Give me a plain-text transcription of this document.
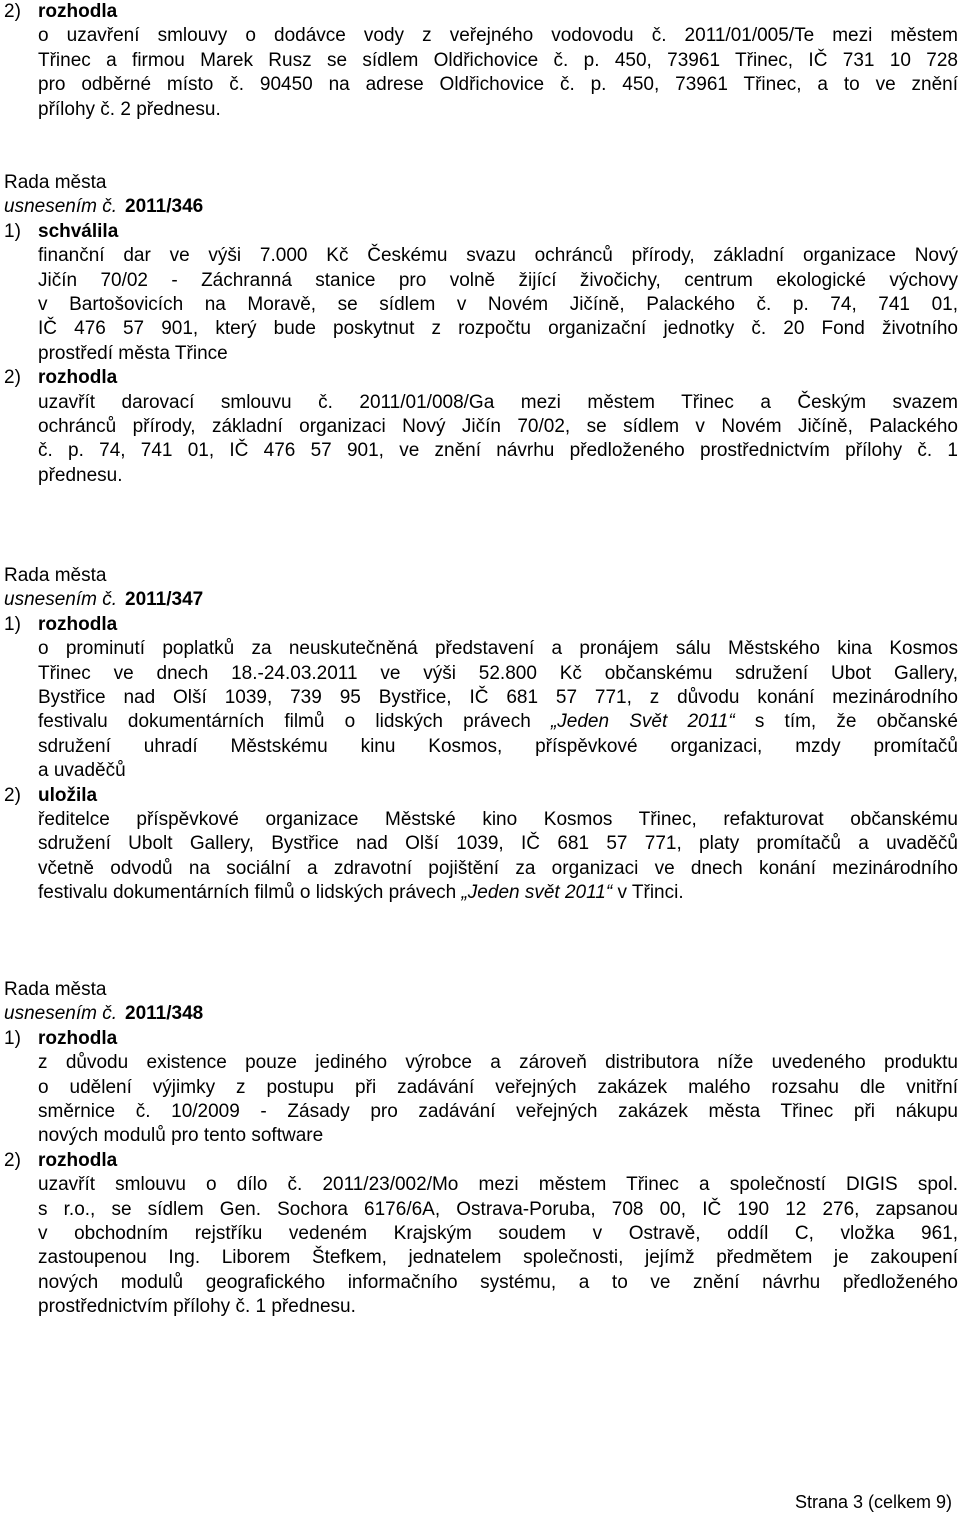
2) rozhodla
o uzavření smlouvy o dodávce vody z veřejného vodovodu č. 2011/01/005/Te mezi městem
Třinec a firmou Marek Rusz se sídlem Oldřichovice č. p. 450, 73961 Třinec, IČ 731 10 728
pro odběrné místo č. 90450 na adrese Oldřichovice č. p. 450, 73961 Třinec, a to ve znění
přílohy č. 2 přednesu.
Rada města
usnesením č. 2011/346
1) schválila
finanční dar ve výši 7.000 Kč Českému svazu ochránců přírody, základní organizace Nový
Jičín 70/02 - Záchranná stanice pro volně žijící živočichy, centrum ekologické výchovy
v Bartošovicích na Moravě, se sídlem v Novém Jičíně, Palackého č. p. 74, 741 01,
IČ 476 57 901, který bude poskytnut z rozpočtu organizační jednotky č. 20 Fond životního
prostředí města Třince
2) rozhodla
uzavřít darovací smlouvu č. 2011/01/008/Ga mezi městem Třinec a Českým svazem
ochránců přírody, základní organizaci Nový Jičín 70/02, se sídlem v Novém Jičíně, Palackého
č. p. 74, 741 01, IČ 476 57 901, ve znění návrhu předloženého prostřednictvím přílohy č. 1
přednesu.
Rada města
usnesením č. 2011/347
1) rozhodla
o prominutí poplatků za neuskutečněná představení a pronájem sálu Městského kina Kosmos
Třinec ve dnech 18.-24.03.2011 ve výši 52.800 Kč občanskému sdružení Ubot Gallery,
Bystřice nad Olší 1039, 739 95 Bystřice, IČ 681 57 771, z důvodu konání mezinárodního
festivalu dokumentárních filmů o lidských právech „Jeden Svět 2011“ s tím, že občanské
sdružení uhradí Městskému kinu Kosmos, příspěvkové organizaci, mzdy promítačů
a uvaděčů
2) uložila
ředitelce příspěvkové organizace Městské kino Kosmos Třinec, refakturovat občanskému
sdružení Ubolt Gallery, Bystřice nad Olší 1039, IČ 681 57 771, platy promítačů a uvaděčů
včetně odvodů na sociální a zdravotní pojištění za organizaci ve dnech konání mezinárodního
festivalu dokumentárních filmů o lidských právech „Jeden svět 2011“ v Třinci.
Rada města
usnesením č. 2011/348
1) rozhodla
z důvodu existence pouze jediného výrobce a zároveň distributora níže uvedeného produktu
o udělení výjimky z postupu při zadávání veřejných zakázek malého rozsahu dle vnitřní
směrnice č. 10/2009 - Zásady pro zadávání veřejných zakázek města Třinec při nákupu
nových modulů pro tento software
2) rozhodla
uzavřít smlouvu o dílo č. 2011/23/002/Mo mezi městem Třinec a společností DIGIS spol.
s r.o., se sídlem Gen. Sochora 6176/6A, Ostrava-Poruba, 708 00, IČ 190 12 276, zapsanou
v obchodním rejstříku vedeném Krajským soudem v Ostravě, oddíl C, vložka 961,
zastoupenou Ing. Liborem Štefkem, jednatelem společnosti, jejímž předmětem je zakoupení
nových modulů geografického informačního systému, a to ve znění návrhu předloženého
prostřednictvím přílohy č. 1 přednesu.
Strana 3 (celkem 9)
